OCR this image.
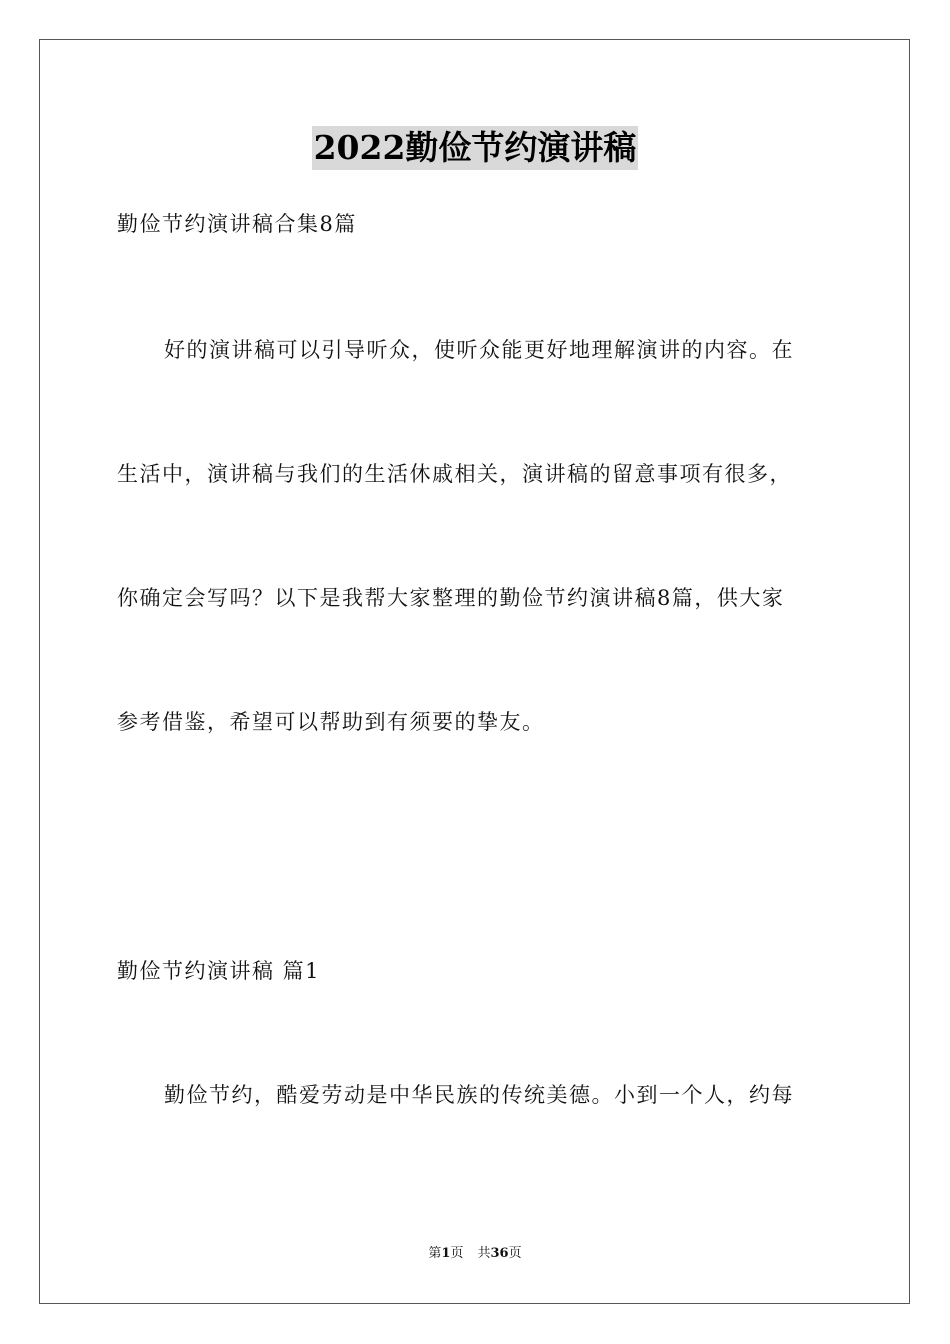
2022勤俭节约演讲稿
勤俭节约演讲稿合集8篇
好的演讲稿可以引导听众，使听众能更好地理解演讲的内容。在
生活中，演讲稿与我们的生活休戚相关，演讲稿的留意事项有很多，
你确定会写吗？以下是我帮大家整理的勤俭节约演讲稿8篇，供大家
参考借鉴，希望可以帮助到有须要的挚友。
勤俭节约演讲稿 篇1
勤俭节约，酷爱劳动是中华民族的传统美德。小到一个人，约每
第1页 共36页
